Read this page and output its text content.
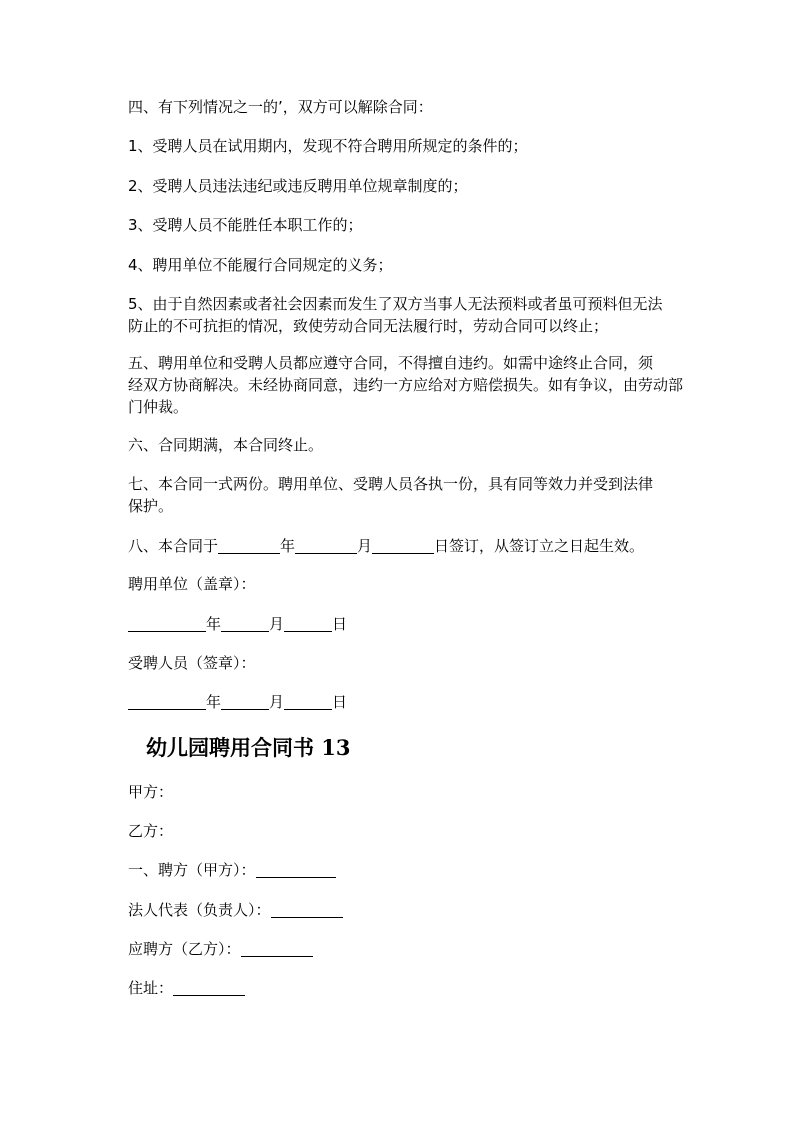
四、有下列情况之一的’，双方可以解除合同：
1、受聘人员在试用期内，发现不符合聘用所规定的条件的；
2、受聘人员违法违纪或违反聘用单位规章制度的；
3、受聘人员不能胜任本职工作的；
4、聘用单位不能履行合同规定的义务；
5、由于自然因素或者社会因素而发生了双方当事人无法预料或者虽可预料但无法
防止的不可抗拒的情况，致使劳动合同无法履行时，劳动合同可以终止；
五、聘用单位和受聘人员都应遵守合同，不得擅自违约。如需中途终止合同，须
经双方协商解决。未经协商同意，违约一方应给对方赔偿损失。如有争议，由劳动部
门仲裁。
六、合同期满，本合同终止。
七、本合同一式两份。聘用单位、受聘人员各执一份，具有同等效力并受到法律
保护。
八、本合同于	年	月	日签订，从签订立之日起生效。
聘用单位（盖章）：
年	月	日
受聘人员（签章）：
年	月	日
幼儿园聘用合同书 13
甲方：
乙方：
一、聘方（甲方）：
法人代表（负责人）：
应聘方（乙方）：
住址：
